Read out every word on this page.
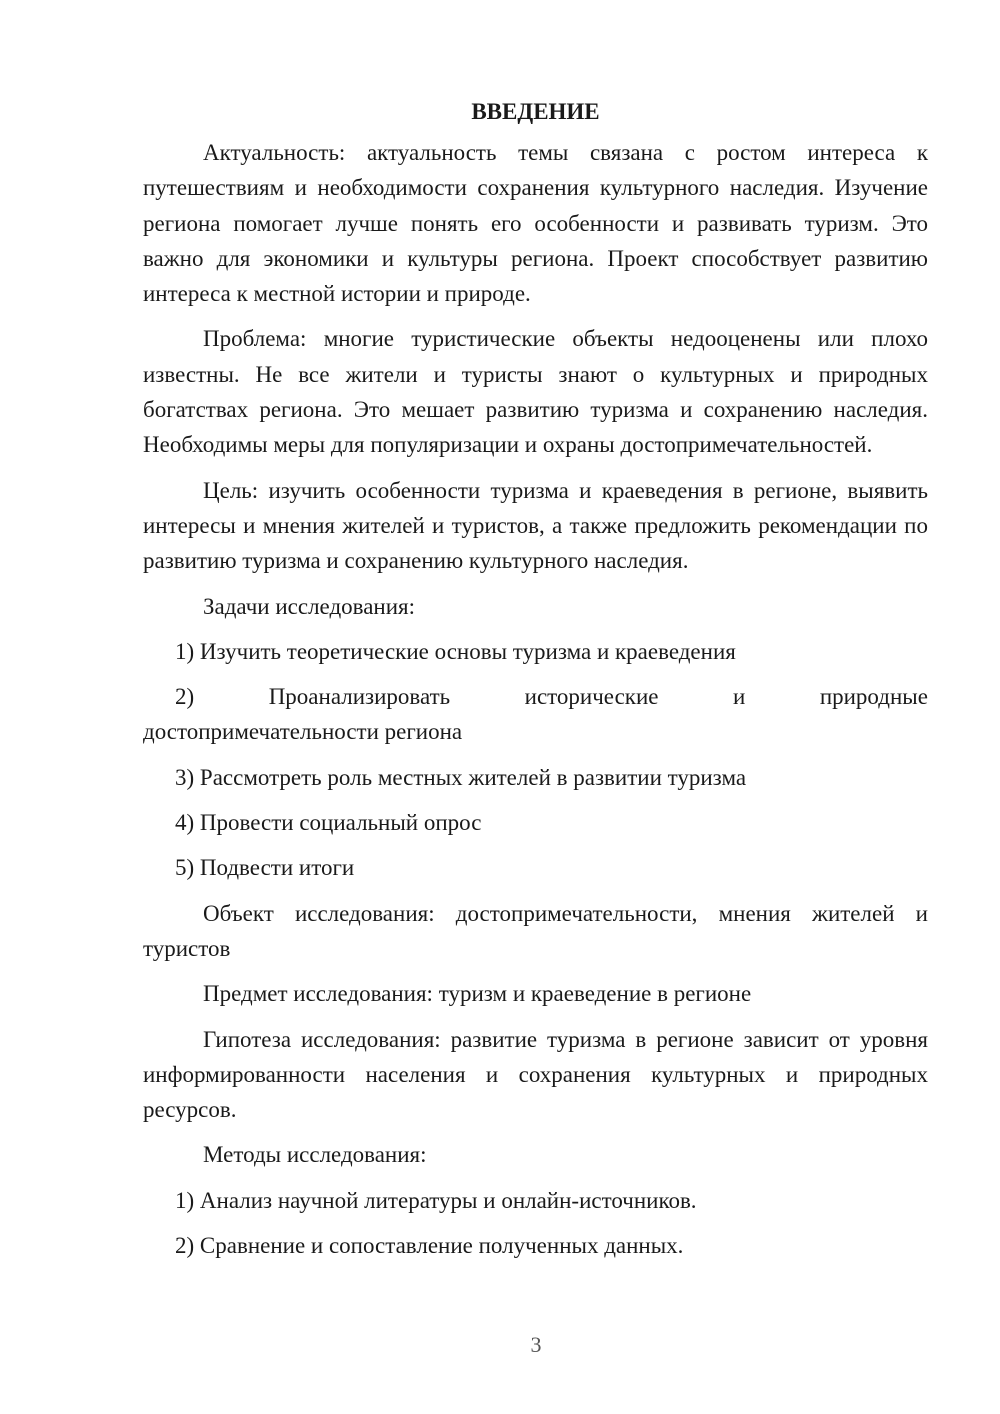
ВВЕДЕНИЕ

Актуальность: актуальность темы связана с ростом интереса к путешествиям и необходимости сохранения культурного наследия. Изучение региона помогает лучше понять его особенности и развивать туризм. Это важно для экономики и культуры региона. Проект способствует развитию интереса к местной истории и природе.

Проблема: многие туристические объекты недооценены или плохо известны. Не все жители и туристы знают о культурных и природных богатствах региона. Это мешает развитию туризма и сохранению наследия. Необходимы меры для популяризации и охраны достопримечательностей.

Цель: изучить особенности туризма и краеведения в регионе, выявить интересы и мнения жителей и туристов, а также предложить рекомендации по развитию туризма и сохранению культурного наследия.

Задачи исследования:

1) Изучить теоретические основы туризма и краеведения

2)	Проанализировать	исторические	и	природные
достопримечательности региона

3) Рассмотреть роль местных жителей в развитии туризма

4) Провести социальный опрос

5) Подвести итоги

Объект исследования: достопримечательности, мнения жителей и туристов

Предмет исследования: туризм и краеведение в регионе

Гипотеза исследования: развитие туризма в регионе зависит от уровня информированности населения и сохранения культурных и природных ресурсов.

Методы исследования:

1) Анализ научной литературы и онлайн-источников.

2) Сравнение и сопоставление полученных данных.

3
